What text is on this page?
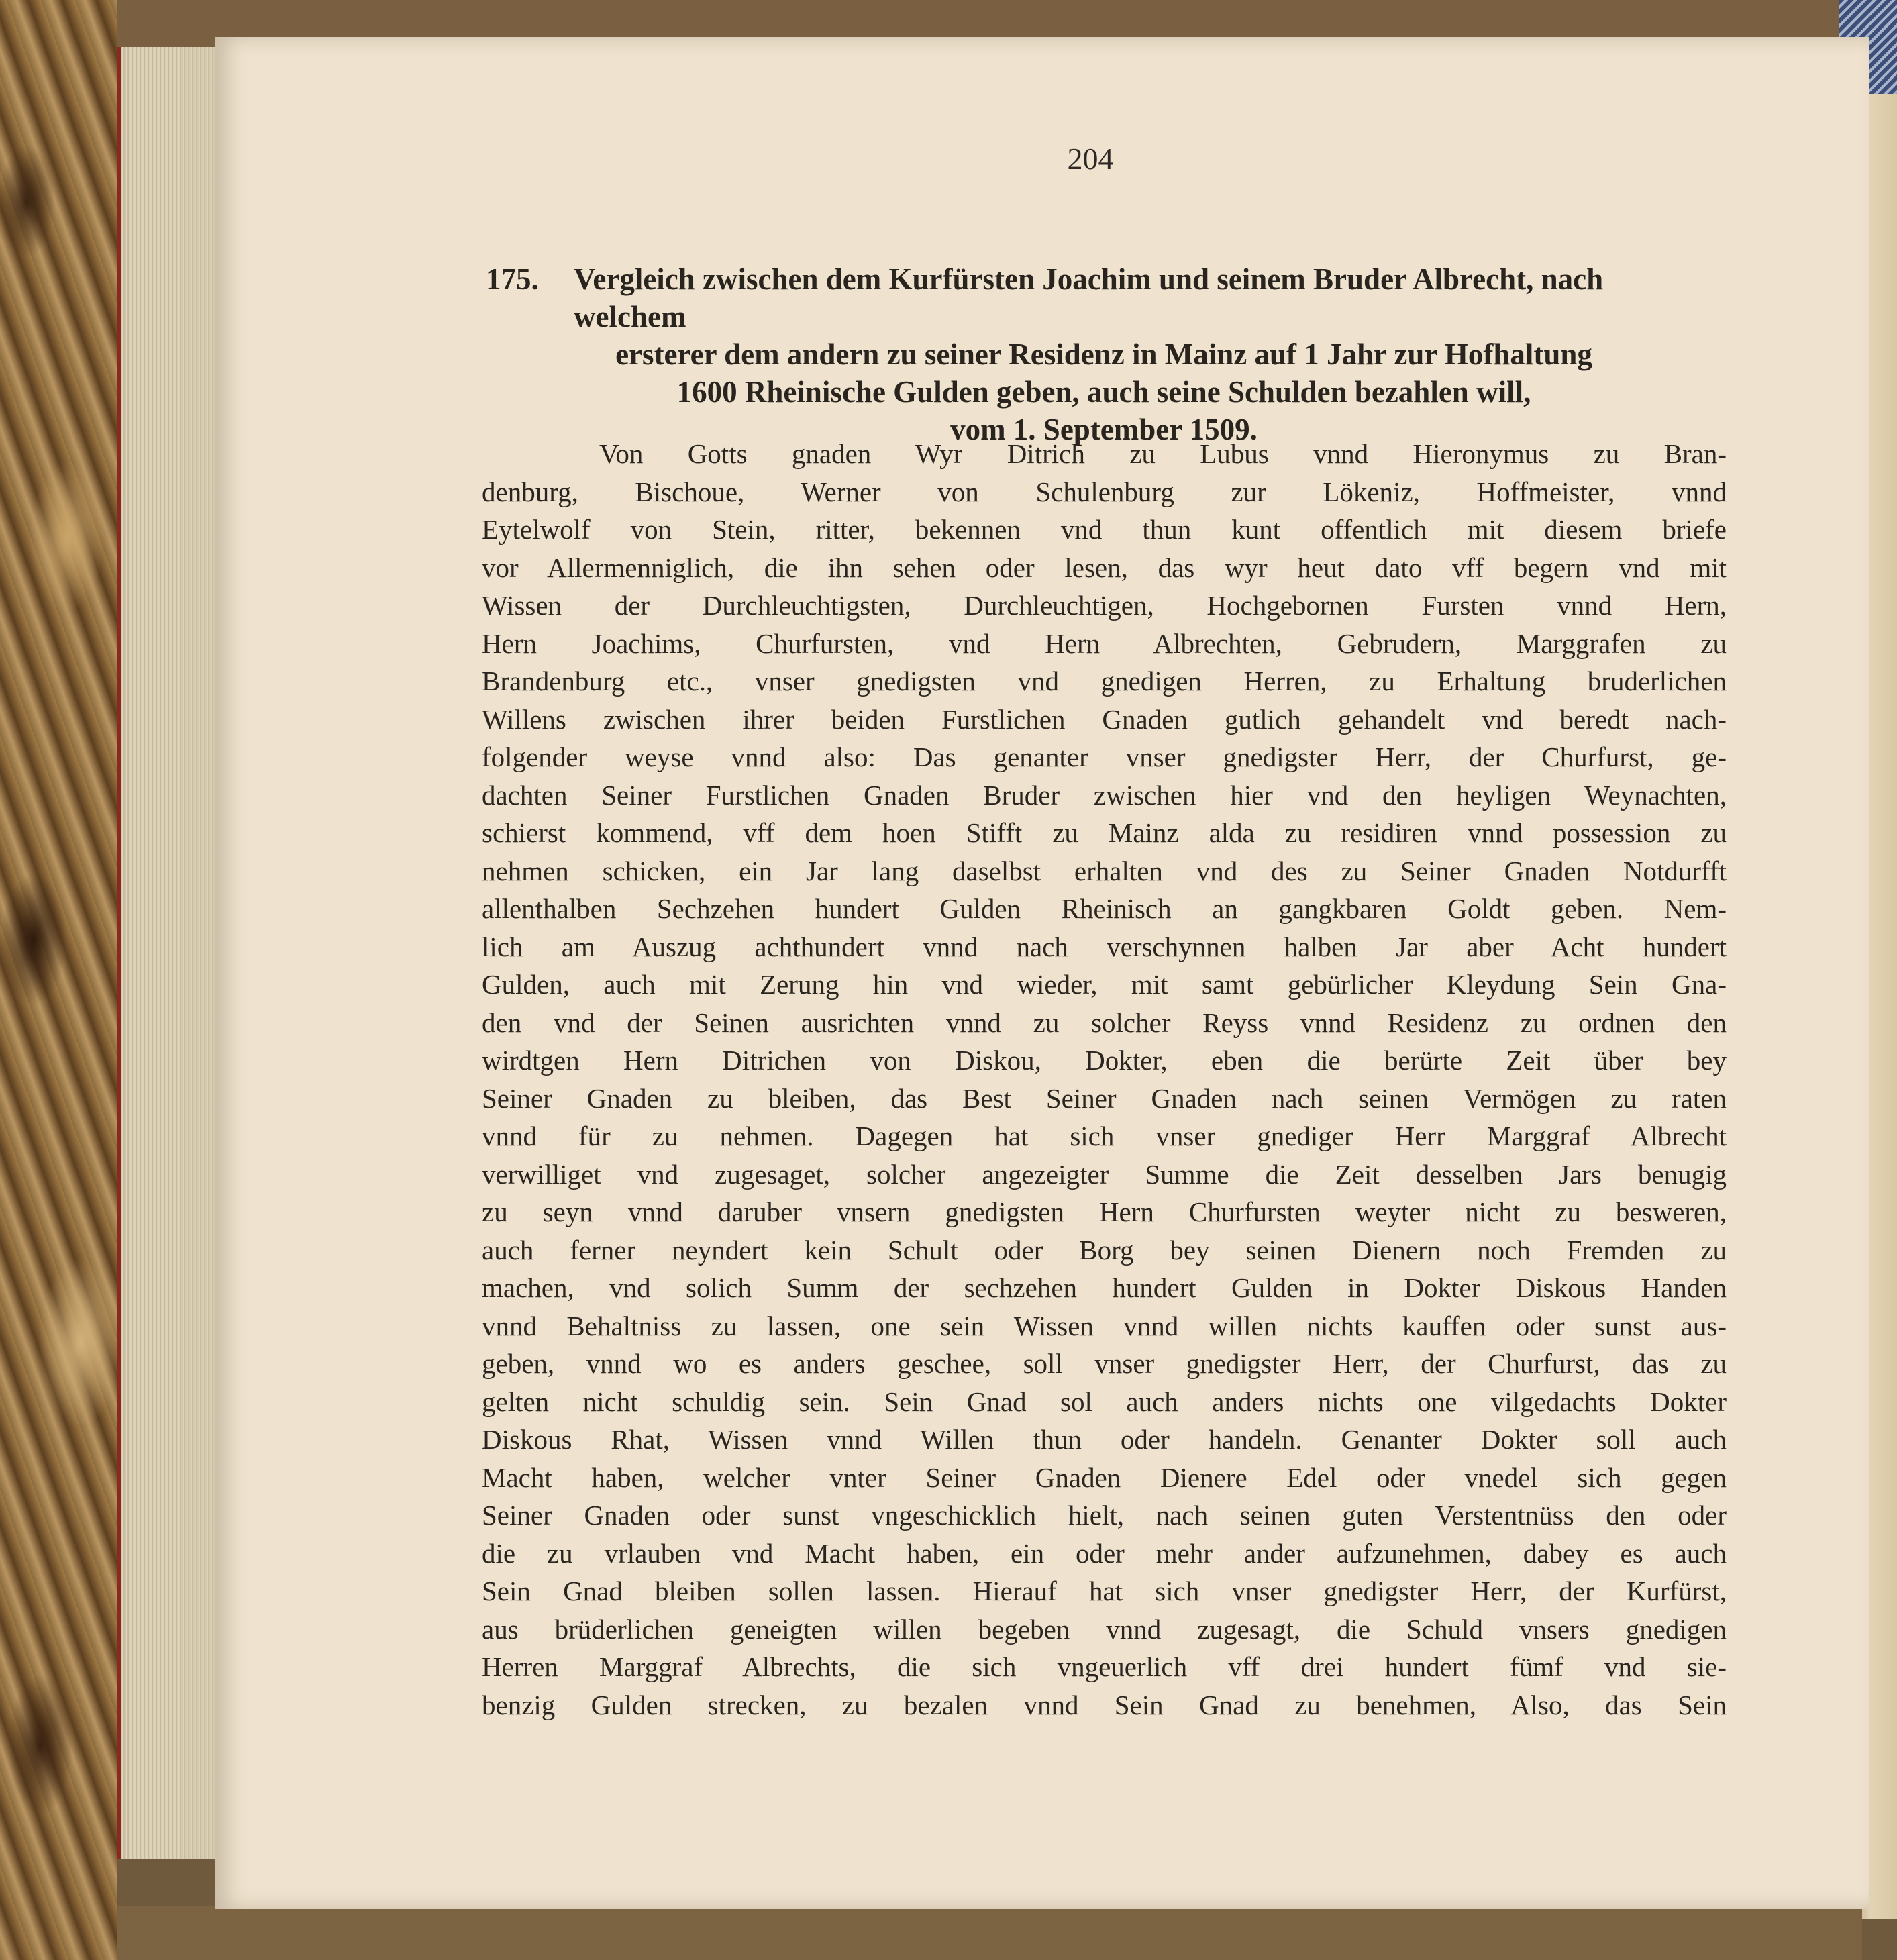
204
175.	Vergleich zwischen dem Kurfürsten Joachim und seinem Bruder Albrecht, nach welchem
ersterer dem andern zu seiner Residenz in Mainz auf 1 Jahr zur Hofhaltung
1600 Rheinische Gulden geben, auch seine Schulden bezahlen will,
vom 1. September 1509.
Von Gotts gnaden Wyr Ditrich zu Lubus vnnd Hieronymus zu Bran-
denburg, Bischoue, Werner von Schulenburg zur Lökeniz, Hoffmeister, vnnd
Eytelwolf von Stein, ritter, bekennen vnd thun kunt offentlich mit diesem briefe
vor Allermenniglich, die ihn sehen oder lesen, das wyr heut dato vff begern vnd mit
Wissen der Durchleuchtigsten, Durchleuchtigen, Hochgebornen Fursten vnnd Hern,
Hern Joachims, Churfursten, vnd Hern Albrechten, Gebrudern, Marggrafen zu
Brandenburg etc., vnser gnedigsten vnd gnedigen Herren, zu Erhaltung bruderlichen
Willens zwischen ihrer beiden Furstlichen Gnaden gutlich gehandelt vnd beredt nach-
folgender weyse vnnd also: Das genanter vnser gnedigster Herr, der Churfurst, ge-
dachten Seiner Furstlichen Gnaden Bruder zwischen hier vnd den heyligen Weynachten,
schierst kommend, vff dem hoen Stifft zu Mainz alda zu residiren vnnd possession zu
nehmen schicken, ein Jar lang daselbst erhalten vnd des zu Seiner Gnaden Notdurfft
allenthalben Sechzehen hundert Gulden Rheinisch an gangkbaren Goldt geben. Nem-
lich am Auszug achthundert vnnd nach verschynnen halben Jar aber Acht hundert
Gulden, auch mit Zerung hin vnd wieder, mit samt gebürlicher Kleydung Sein Gna-
den vnd der Seinen ausrichten vnnd zu solcher Reyss vnnd Residenz zu ordnen den
wirdtgen Hern Ditrichen von Diskou, Dokter, eben die berürte Zeit über bey
Seiner Gnaden zu bleiben, das Best Seiner Gnaden nach seinen Vermögen zu raten
vnnd für zu nehmen. Dagegen hat sich vnser gnediger Herr Marggraf Albrecht
verwilliget vnd zugesaget, solcher angezeigter Summe die Zeit desselben Jars benugig
zu seyn vnnd daruber vnsern gnedigsten Hern Churfursten weyter nicht zu besweren,
auch ferner neyndert kein Schult oder Borg bey seinen Dienern noch Fremden zu
machen, vnd solich Summ der sechzehen hundert Gulden in Dokter Diskous Handen
vnnd Behaltniss zu lassen, one sein Wissen vnnd willen nichts kauffen oder sunst aus-
geben, vnnd wo es anders geschee, soll vnser gnedigster Herr, der Churfurst, das zu
gelten nicht schuldig sein. Sein Gnad sol auch anders nichts one vilgedachts Dokter
Diskous Rhat, Wissen vnnd Willen thun oder handeln. Genanter Dokter soll auch
Macht haben, welcher vnter Seiner Gnaden Dienere Edel oder vnedel sich gegen
Seiner Gnaden oder sunst vngeschicklich hielt, nach seinen guten Verstentnüss den oder
die zu vrlauben vnd Macht haben, ein oder mehr ander aufzunehmen, dabey es auch
Sein Gnad bleiben sollen lassen. Hierauf hat sich vnser gnedigster Herr, der Kurfürst,
aus brüderlichen geneigten willen begeben vnnd zugesagt, die Schuld vnsers gnedigen
Herren Marggraf Albrechts, die sich vngeuerlich vff drei hundert fümf vnd sie-
benzig Gulden strecken, zu bezalen vnnd Sein Gnad zu benehmen, Also, das Sein
